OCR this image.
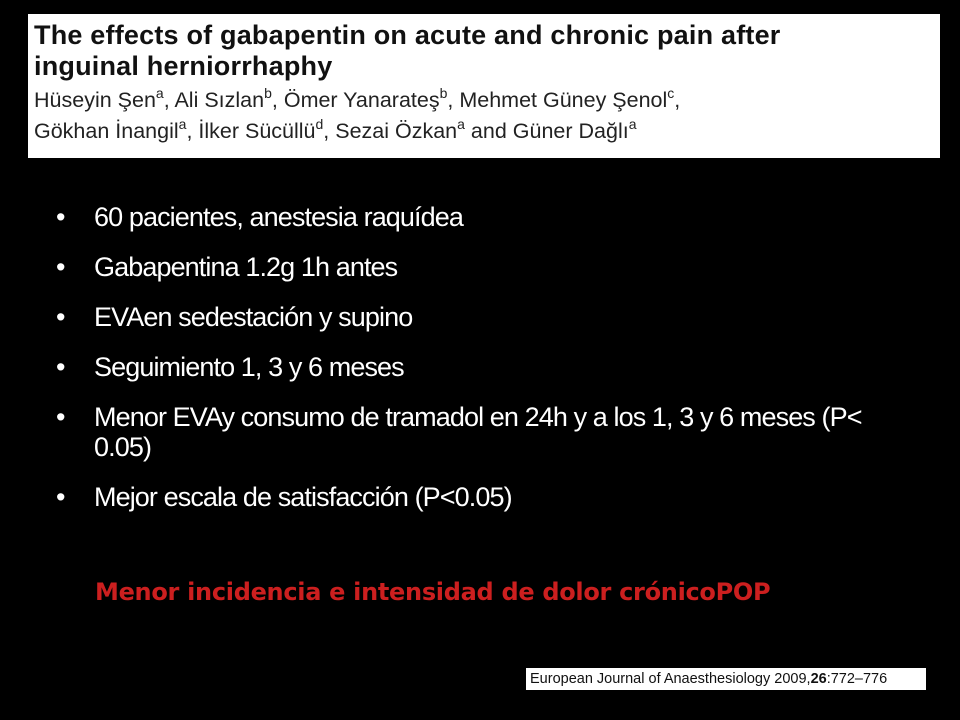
The effects of gabapentin on acute and chronic pain after
inguinal herniorrhaphy

Hüseyin Şen$^a$, Ali Sızlan$^b$, Ömer Yanarateş$^b$, Mehmet Güney Şenol$^c$,
Gökhan İnangil$^a$, İlker Sücüllü$^d$, Sezai Özkan$^a$ and Güner Dağlı$^a$

•	60 pacientes, anestesia raquídea
•	Gabapentina 1.2g 1h antes
•	EVAen sedestación y supino
•	Seguimiento 1, 3 y 6 meses
•	Menor EVAy consumo de tramadol en 24h y a los 1, 3 y 6 meses (P< 0.05)
•	Mejor escala de satisfacción (P<0.05)

Menor incidencia e intensidad de dolor crónicoPOP

European Journal of Anaesthesiology 2009,26:772–776
